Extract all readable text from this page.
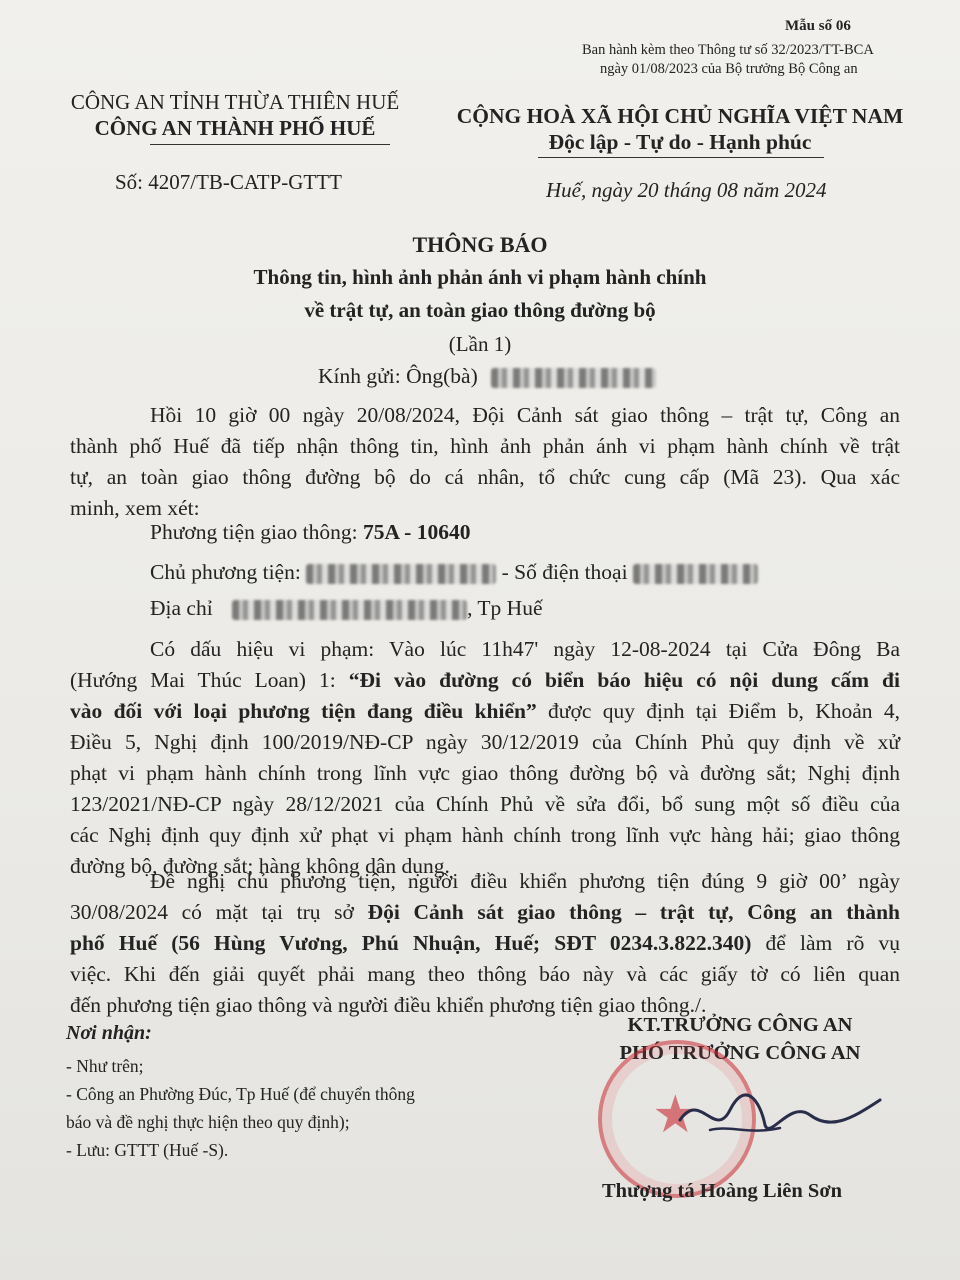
Mẫu số 06
Ban hành kèm theo Thông tư số 32/2023/TT-BCA
ngày 01/08/2023 của Bộ trưởng Bộ Công an
CÔNG AN TỈNH THỪA THIÊN HUẾ
CÔNG AN THÀNH PHỐ HUẾ
Số: 4207/TB-CATP-GTTT
CỘNG HOÀ XÃ HỘI CHỦ NGHĨA VIỆT NAM
Độc lập - Tự do - Hạnh phúc
Huế, ngày 20 tháng 08 năm 2024
THÔNG BÁO
Thông tin, hình ảnh phản ánh vi phạm hành chính
về trật tự, an toàn giao thông đường bộ
(Lần 1)
Kính gửi: Ông(bà)
Hồi 10 giờ 00 ngày 20/08/2024, Đội Cảnh sát giao thông – trật tự, Công an
thành phố Huế đã tiếp nhận thông tin, hình ảnh phản ánh vi phạm hành chính về trật
tự, an toàn giao thông đường bộ do cá nhân, tổ chức cung cấp (Mã 23). Qua xác
minh, xem xét:
Phương tiện giao thông: 75A - 10640
Chủ phương tiện:	- Số điện thoại
Địa chỉ	, Tp Huế
Có dấu hiệu vi phạm: Vào lúc 11h47' ngày 12-08-2024 tại Cửa Đông Ba
(Hướng Mai Thúc Loan) 1: “Đi vào đường có biển báo hiệu có nội dung cấm đi
vào đối với loại phương tiện đang điều khiển” được quy định tại Điểm b, Khoản 4,
Điều 5, Nghị định 100/2019/NĐ-CP ngày 30/12/2019 của Chính Phủ quy định về xử
phạt vi phạm hành chính trong lĩnh vực giao thông đường bộ và đường sắt; Nghị định
123/2021/NĐ-CP ngày 28/12/2021 của Chính Phủ về sửa đổi, bổ sung một số điều của
các Nghị định quy định xử phạt vi phạm hành chính trong lĩnh vực hàng hải; giao thông
đường bộ, đường sắt; hàng không dân dụng.
Đề nghị chủ phương tiện, người điều khiển phương tiện đúng 9 giờ 00’ ngày
30/08/2024 có mặt tại trụ sở Đội Cảnh sát giao thông – trật tự, Công an thành
phố Huế (56 Hùng Vương, Phú Nhuận, Huế; SĐT 0234.3.822.340) để làm rõ vụ
việc. Khi đến giải quyết phải mang theo thông báo này và các giấy tờ có liên quan
đến phương tiện giao thông và người điều khiển phương tiện giao thông./.
Nơi nhận:
- Như trên;
- Công an Phường Đúc, Tp Huế (để chuyển thông
báo và đề nghị thực hiện theo quy định);
- Lưu: GTTT (Huế -S).
KT.TRƯỞNG CÔNG AN
PHÓ TRƯỞNG CÔNG AN
★
Thượng tá Hoàng Liên Sơn
